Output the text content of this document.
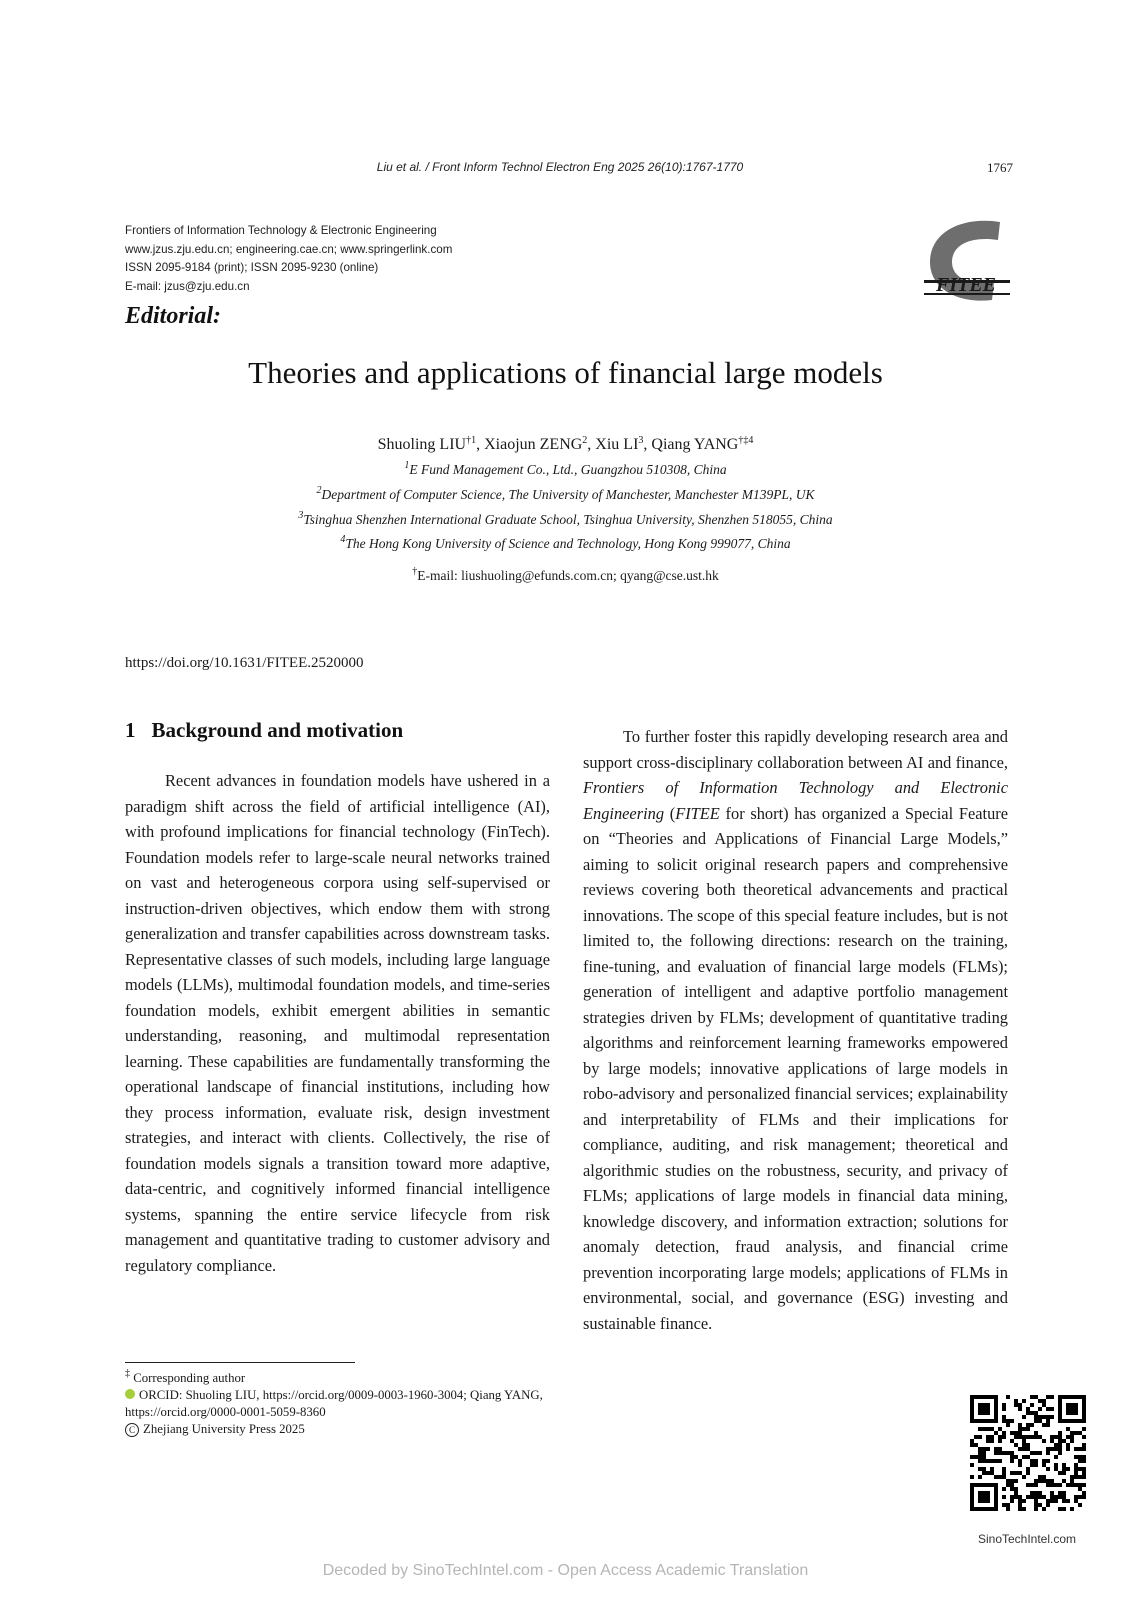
Liu et al. / Front Inform Technol Electron Eng 2025 26(10):1767-1770	1767
Frontiers of Information Technology & Electronic Engineering
www.jzus.zju.edu.cn; engineering.cae.cn; www.springerlink.com
ISSN 2095-9184 (print); ISSN 2095-9230 (online)
E-mail: jzus@zju.edu.cn	FITEE
Editorial:
Theories and applications of financial large models
Shuoling LIU$^{\dagger 1}$, Xiaojun ZENG$^2$, Xiu $LI^3$, Qiang YANG$^{\dagger\ddagger 4}$
$^1$E Fund Management Co., Ltd., Guangzhou 510308, China
$^2$Department of Computer Science, The University of Manchester, Manchester M139PL, UK
$^3$Tsinghua Shenzhen International Graduate School, Tsinghua University, Shenzhen 518055, China
$^4$The Hong Kong University of Science and Technology, Hong Kong 999077, China
†E-mail: liushuoling@efunds.com.cn; qyang@cse.ust.hk
https://doi.org/10.1631/FITEE.2520000
1 Background and motivation
Recent advances in foundation models have ushered in a paradigm shift across the field of artificial intelligence (AI), with profound implications for financial technology (FinTech). Foundation models refer to large-scale neural networks trained on vast and heterogeneous corpora using self-supervised or instruction-driven objectives, which endow them with strong generalization and transfer capabilities across downstream tasks. Representative classes of such models, including large language models (LLMs), multimodal foundation models, and time-series foundation models, exhibit emergent abilities in semantic understanding, reasoning, and multimodal representation learning. These capabilities are fundamentally transforming the operational landscape of financial institutions, including how they process information, evaluate risk, design investment strategies, and interact with clients. Collectively, the rise of foundation models signals a transition toward more adaptive, data-centric, and cognitively informed financial intelligence systems, spanning the entire service lifecycle from risk management and quantitative trading to customer advisory and regulatory compliance.
To further foster this rapidly developing research area and support cross-disciplinary collaboration between AI and finance, Frontiers of Information Technology and Electronic Engineering (FITEE for short) has organized a Special Feature on “Theories and Applications of Financial Large Models,” aiming to solicit original research papers and comprehensive reviews covering both theoretical advancements and practical innovations. The scope of this special feature includes, but is not limited to, the following directions: research on the training, fine-tuning, and evaluation of financial large models (FLMs); generation of intelligent and adaptive portfolio management strategies driven by FLMs; development of quantitative trading algorithms and reinforcement learning frameworks empowered by large models; innovative applications of large models in robo-advisory and personalized financial services; explainability and interpretability of FLMs and their implications for compliance, auditing, and risk management; theoretical and algorithmic studies on the robustness, security, and privacy of FLMs; applications of large models in financial data mining, knowledge discovery, and information extraction; solutions for anomaly detection, fraud analysis, and financial crime prevention incorporating large models; applications of FLMs in environmental, social, and governance (ESG) investing and sustainable finance.
‡ Corresponding author
ORCID: Shuoling LIU, https://orcid.org/0009-0003-1960-3004; Qiang YANG, https://orcid.org/0000-0001-5059-8360
C Zhejiang University Press 2025
SinoTechIntel.com
Decoded by SinoTechIntel.com - Open Access Academic Translation
